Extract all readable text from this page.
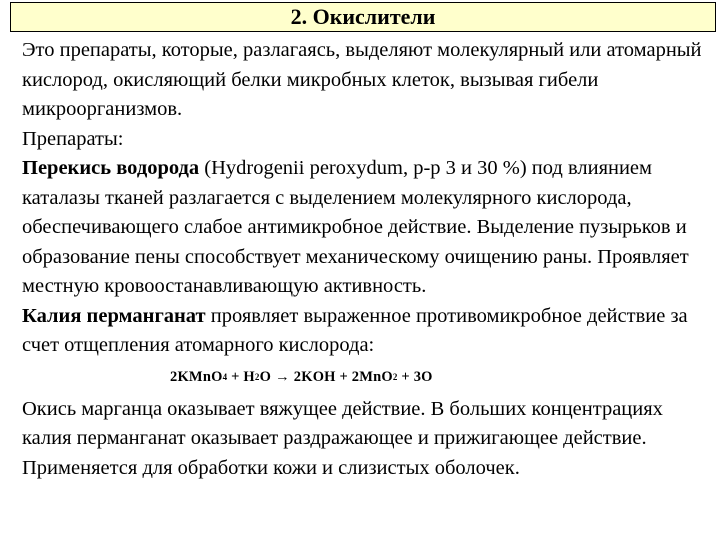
2. Окислители

Это препараты, которые, разлагаясь, выделяют молекулярный или атомарный кислород, окисляющий белки микробных клеток, вызывая гибели микроорганизмов.

Препараты:

Перекись водорода (Hydrogenii peroxydum, р-р 3 и 30 %) под влиянием каталазы тканей разлагается с выделением молекулярного кислорода, обеспечивающего слабое антимикробное действие. Выделение пузырьков и образование пены способствует механическому очищению раны. Проявляет местную кровоостанавливающую активность.

Калия перманганат проявляет выраженное противомикробное действие за счет отщепления атомарного кислорода:

2KMnO 4 + H 2 O → 2KOH + 2MnO 2 + 3O

Окись марганца оказывает вяжущее действие. В больших концентрациях калия перманганат оказывает раздражающее и прижигающее действие. Применяется для обработки кожи и слизистых оболочек.
